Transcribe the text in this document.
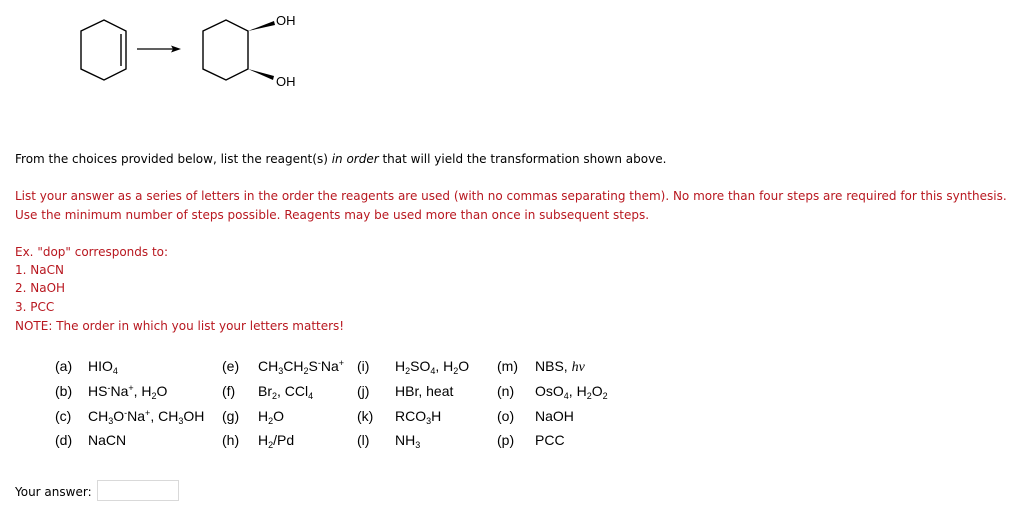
OH
OH
From the choices provided below, list the reagent(s) in order that will yield the transformation shown above.
List your answer as a series of letters in the order the reagents are used (with no commas separating them). No more than four steps are required for this synthesis.
Use the minimum number of steps possible. Reagents may be used more than once in subsequent steps.
Ex. "dop" corresponds to:
1. NaCN
2. NaOH
3. PCC
NOTE: The order in which you list your letters matters!
(a) $HIO_4$
(b) HS-Na+, $H_2O$
(c) $CH_3O^-Na^+$, $CH_3OH$
(d) NaCN
(e) $CH_3CH_2S^-Na^+$
(f) $Br_2$, CCl$_4$
(g) $H_2O$
(h) $H_2/Pd$
(i) $H_2SO_4$, $H_2O$
(j) HBr, heat
(k) $RCO_3H$
(l) $NH_3$
(m) NBS, hv
(n) OsO$_4$, $H_2O_2$
(o) NaOH
(p) PCC
Your answer:
